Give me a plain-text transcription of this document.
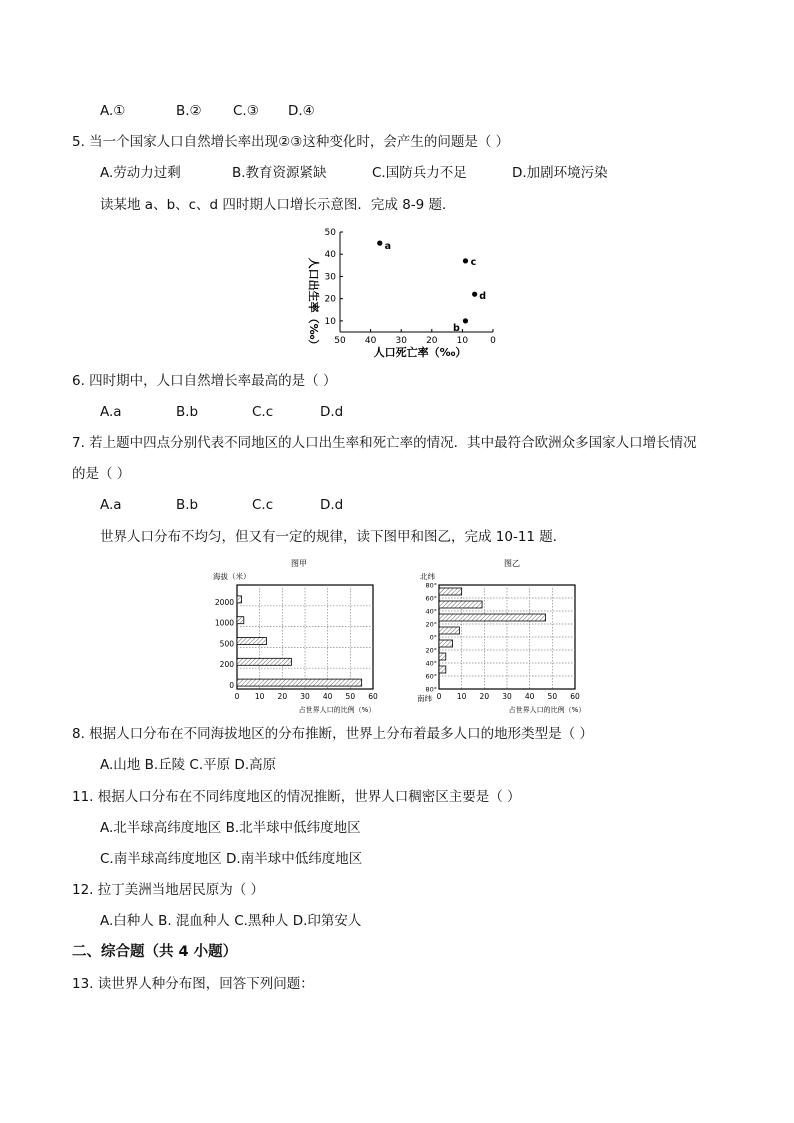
A.①	B.② C.③ D.④
5. 当一个国家人口自然增长率出现②③这种变化时，会产生的问题是（ ）
A.劳动力过剩	B.教育资源紧缺	C.国防兵力不足	D.加剧环境污染
读某地 a、b、c、d 四时期人口增长示意图．完成 8-9 题．
10
20
30
40
50
50 40 30 20 10 0
a
b
c
d
人口出生率（‰）
人口死亡率（‰）
6. 四时期中，人口自然增长率最高的是（ ）
A.a	B.b	C.c	D.d
7. 若上题中四点分别代表不同地区的人口出生率和死亡率的情况．其中最符合欧洲众多国家人口增长情况
的是（ ）
A.a	B.b	C.c	D.d
世界人口分布不均匀，但又有一定的规律，读下图甲和图乙，完成 10-11 题．
图甲
海拔（米）
0 10 20 30 40 50 60
2000
1000
500
200
0
占世界人口的比例（%）
图乙
北纬
南纬 0 10 20 30 40 50 60
80°
60°
40°
20°
0°
20°
40°
60°
80°
占世界人口的比例（%）
8. 根据人口分布在不同海拔地区的分布推断，世界上分布着最多人口的地形类型是（ ）
A.山地 B.丘陵 C.平原 D.高原
11. 根据人口分布在不同纬度地区的情况推断，世界人口稠密区主要是（ ）
A.北半球高纬度地区 B.北半球中低纬度地区
C.南半球高纬度地区 D.南半球中低纬度地区
12. 拉丁美洲当地居民原为（ ）
A.白种人 B. 混血种人 C.黑种人 D.印第安人
二、综合题（共 4 小题）
13. 读世界人种分布图，回答下列问题：
